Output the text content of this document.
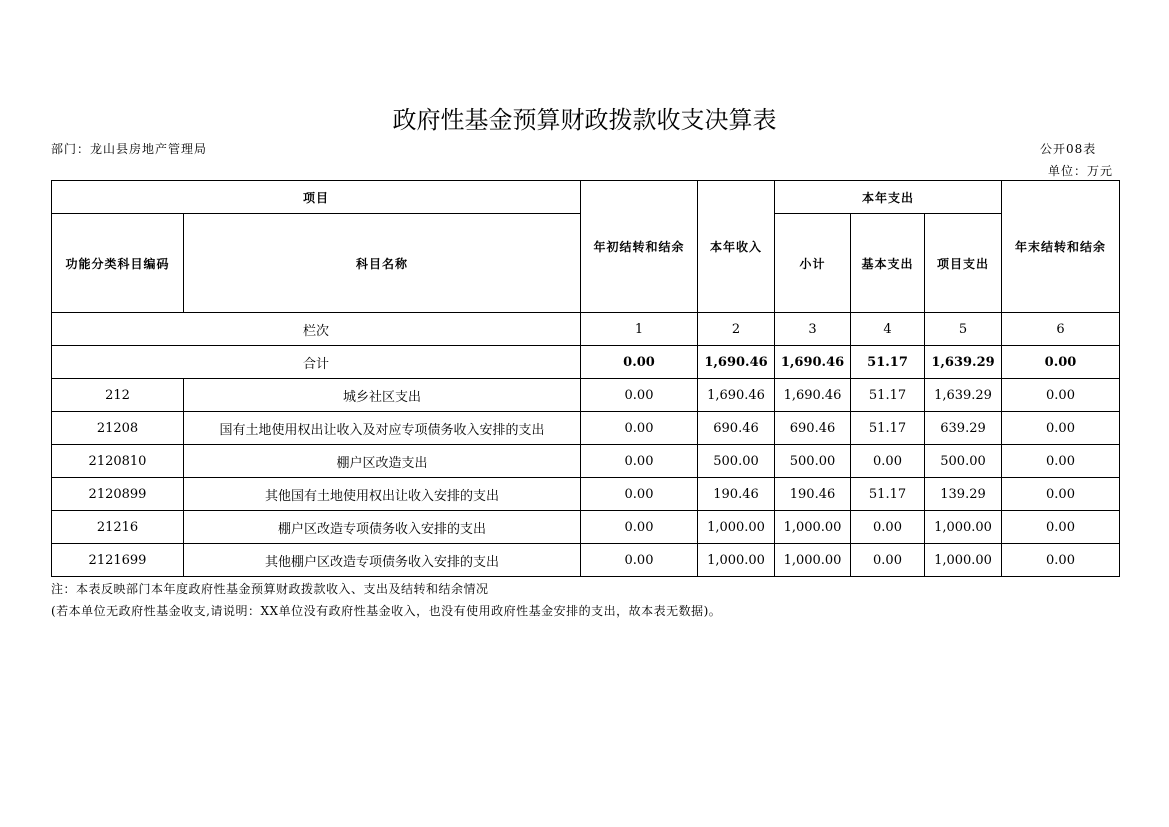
政府性基金预算财政拨款收支决算表
部门：龙山县房地产管理局	公开08表
单位：万元
项目		年初结转和结余	本年收入	本年支出			年末结转和结余
功能分类科目编码	科目名称			小计	基本支出	项目支出	
栏次		1	2	3	4	5	6
合计		0.00	1,690.46	1,690.46	51.17	1,639.29	0.00
212	城乡社区支出	0.00	1,690.46	1,690.46	51.17	1,639.29	0.00
21208	国有土地使用权出让收入及对应专项债务收入安排的支出	0.00	690.46	690.46	51.17	639.29	0.00
2120810	棚户区改造支出	0.00	500.00	500.00	0.00	500.00	0.00
2120899	其他国有土地使用权出让收入安排的支出	0.00	190.46	190.46	51.17	139.29	0.00
21216	棚户区改造专项债务收入安排的支出	0.00	1,000.00	1,000.00	0.00	1,000.00	0.00
2121699	其他棚户区改造专项债务收入安排的支出	0.00	1,000.00	1,000.00	0.00	1,000.00	0.00
注：本表反映部门本年度政府性基金预算财政拨款收入、支出及结转和结余情况
(若本单位无政府性基金收支,请说明：XX单位没有政府性基金收入，也没有使用政府性基金安排的支出，故本表无数据)。
